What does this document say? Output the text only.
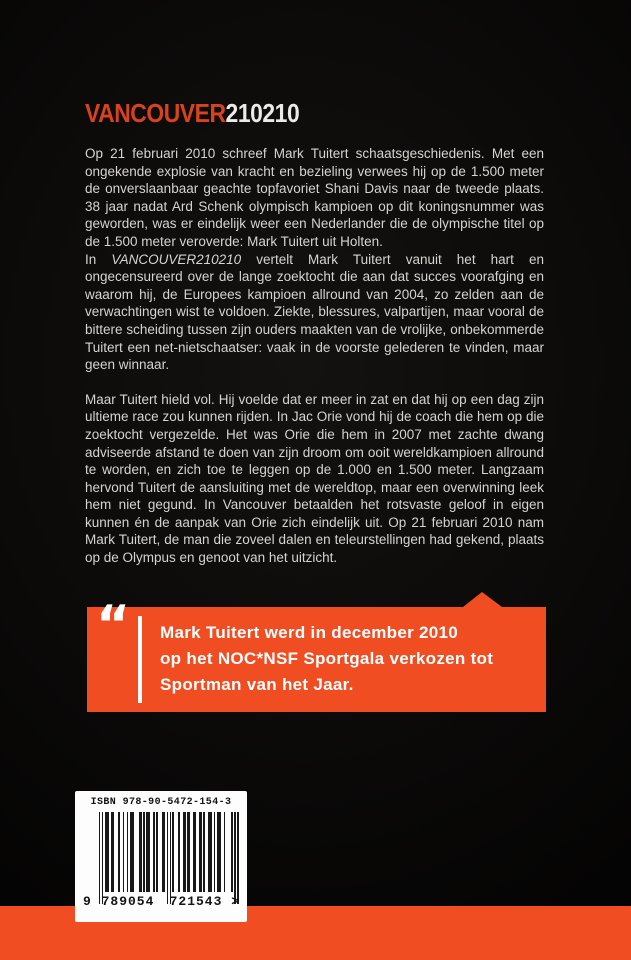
VANCOUVER210210

Op 21 februari 2010 schreef Mark Tuitert schaatsgeschiedenis. Met een ongekende explosie van kracht en bezieling verwees hij op de 1.500 meter de onverslaanbaar geachte topfavoriet Shani Davis naar de tweede plaats. 38 jaar nadat Ard Schenk olympisch kampioen op dit koningsnummer was geworden, was er eindelijk weer een Nederlander die de olympische titel op de 1.500 meter veroverde: Mark Tuitert uit Holten.

In VANCOUVER210210 vertelt Mark Tuitert vanuit het hart en ongecensureerd over de lange zoektocht die aan dat succes voorafging en waarom hij, de Europees kampioen allround van 2004, zo zelden aan de verwachtingen wist te voldoen. Ziekte, blessures, valpartijen, maar vooral de bittere scheiding tussen zijn ouders maakten van de vrolijke, onbekommerde Tuitert een net-nietschaatser: vaak in de voorste gelederen te vinden, maar geen winnaar.

Maar Tuitert hield vol. Hij voelde dat er meer in zat en dat hij op een dag zijn ultieme race zou kunnen rijden. In Jac Orie vond hij de coach die hem op die zoektocht vergezelde. Het was Orie die hem in 2007 met zachte dwang adviseerde afstand te doen van zijn droom om ooit wereldkampioen allround te worden, en zich toe te leggen op de 1.000 en 1.500 meter. Langzaam hervond Tuitert de aansluiting met de wereldtop, maar een overwinning leek hem niet gegund. In Vancouver betaalden het rotsvaste geloof in eigen kunnen én de aanpak van Orie zich eindelijk uit. Op 21 februari 2010 nam Mark Tuitert, de man die zoveel dalen en teleurstellingen had gekend, plaats op de Olympus en genoot van het uitzicht.

“ Mark Tuitert werd in december 2010
op het NOC*NSF Sportgala verkozen tot
Sportman van het Jaar.
ISBN 978-90-5472-154-3
9 789054	721543 >
